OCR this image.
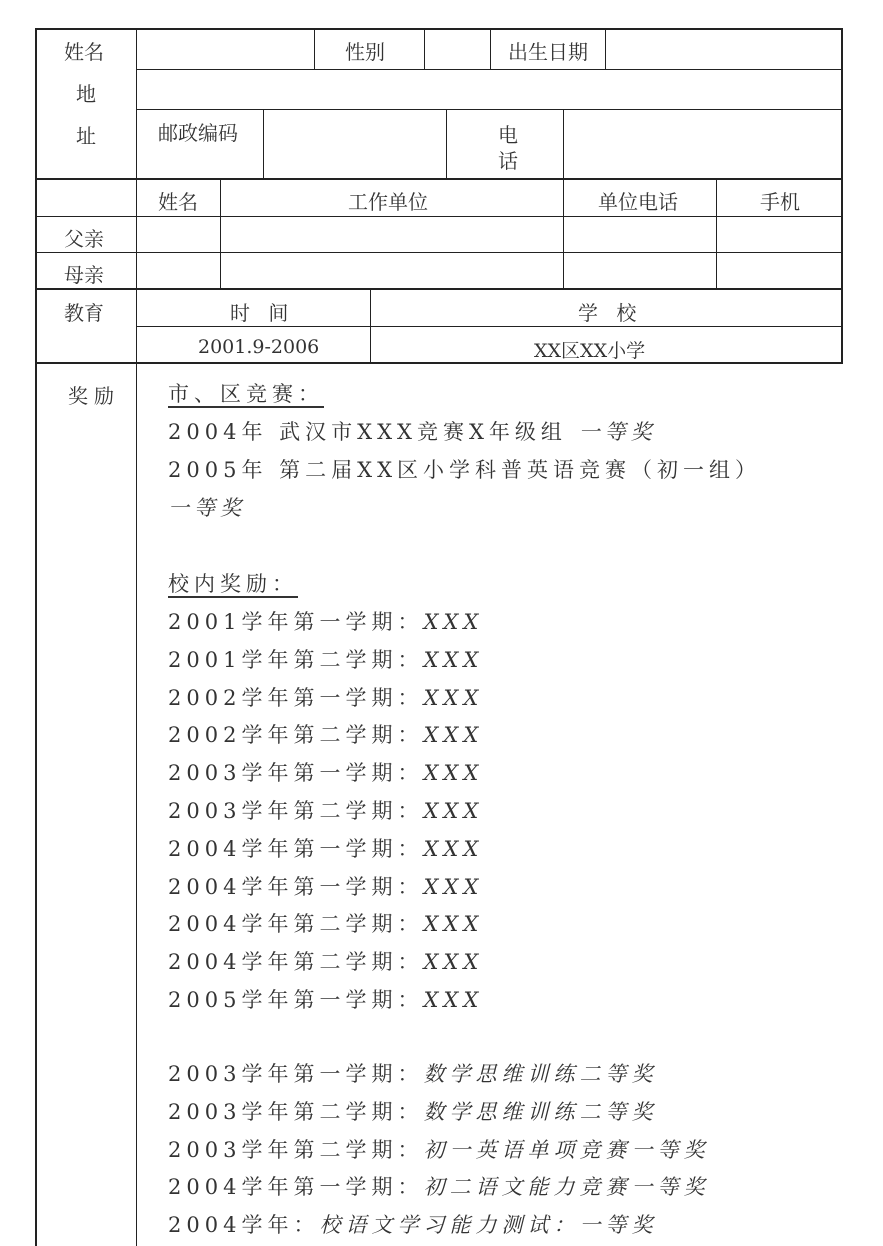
姓名	性别	出生日期
地
址	邮政编码	电
话
姓名	工作单位	单位电话	手机
父亲
母亲
教育	时 间	学 校
2001.9-2006	XX区XX小学
奖励 市、区竞赛：
2004年 武汉市XXX竞赛X年级组 一等奖
2005年 第二届XX区小学科普英语竞赛（初一组）
一等奖
校内奖励：
2001学年第一学期：XXX
2001学年第二学期：XXX
2002学年第一学期：XXX
2002学年第二学期：XXX
2003学年第一学期：XXX
2003学年第二学期：XXX
2004学年第一学期：XXX
2004学年第一学期：XXX
2004学年第二学期：XXX
2004学年第二学期：XXX
2005学年第一学期：XXX
2003学年第一学期：数学思维训练二等奖
2003学年第二学期：数学思维训练二等奖
2003学年第二学期：初一英语单项竞赛一等奖
2004学年第一学期：初二语文能力竞赛一等奖
2004学年：校语文学习能力测试：一等奖
